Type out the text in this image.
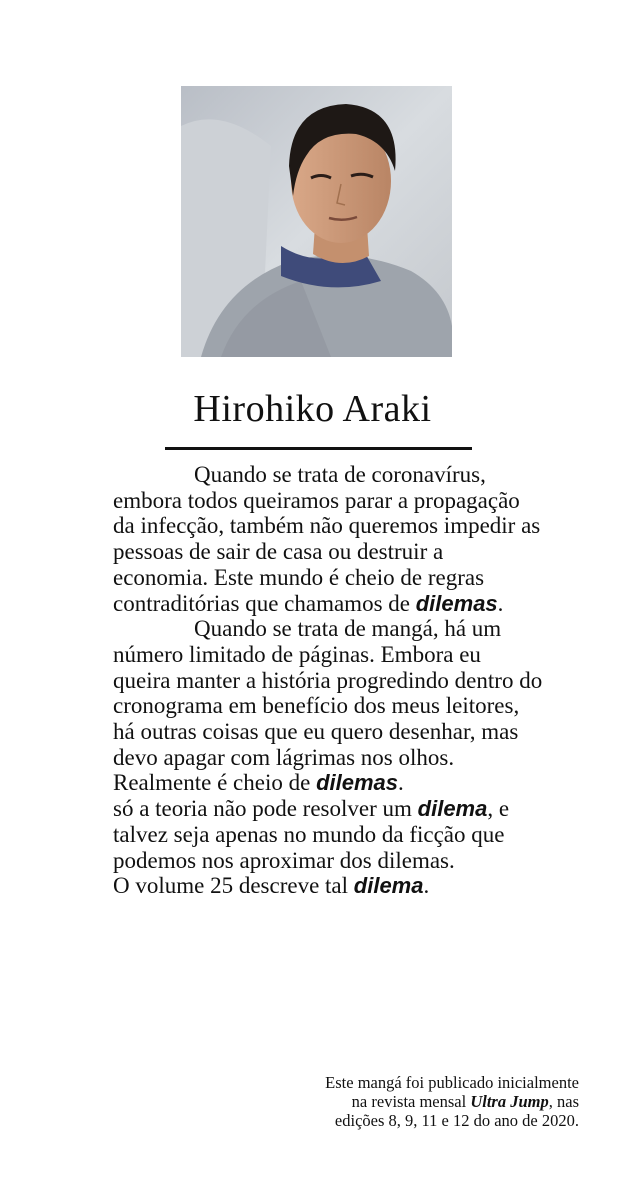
Hirohiko Araki

Quando se trata de coronavírus, embora todos queiramos parar a propagação da infecção, também não queremos impedir as pessoas de sair de casa ou destruir a economia. Este mundo é cheio de regras contraditórias que chamamos de dilemas.

Quando se trata de mangá, há um número limitado de páginas. Embora eu queira manter a história progredindo dentro do cronograma em benefício dos meus leitores, há outras coisas que eu quero desenhar, mas devo apagar com lágrimas nos olhos. Realmente é cheio de dilemas.

só a teoria não pode resolver um dilema, e talvez seja apenas no mundo da ficção que podemos nos aproximar dos dilemas.

O volume 25 descreve tal dilema.

Este mangá foi publicado inicialmente
na revista mensal Ultra Jump, nas
edições 8, 9, 11 e 12 do ano de 2020.
